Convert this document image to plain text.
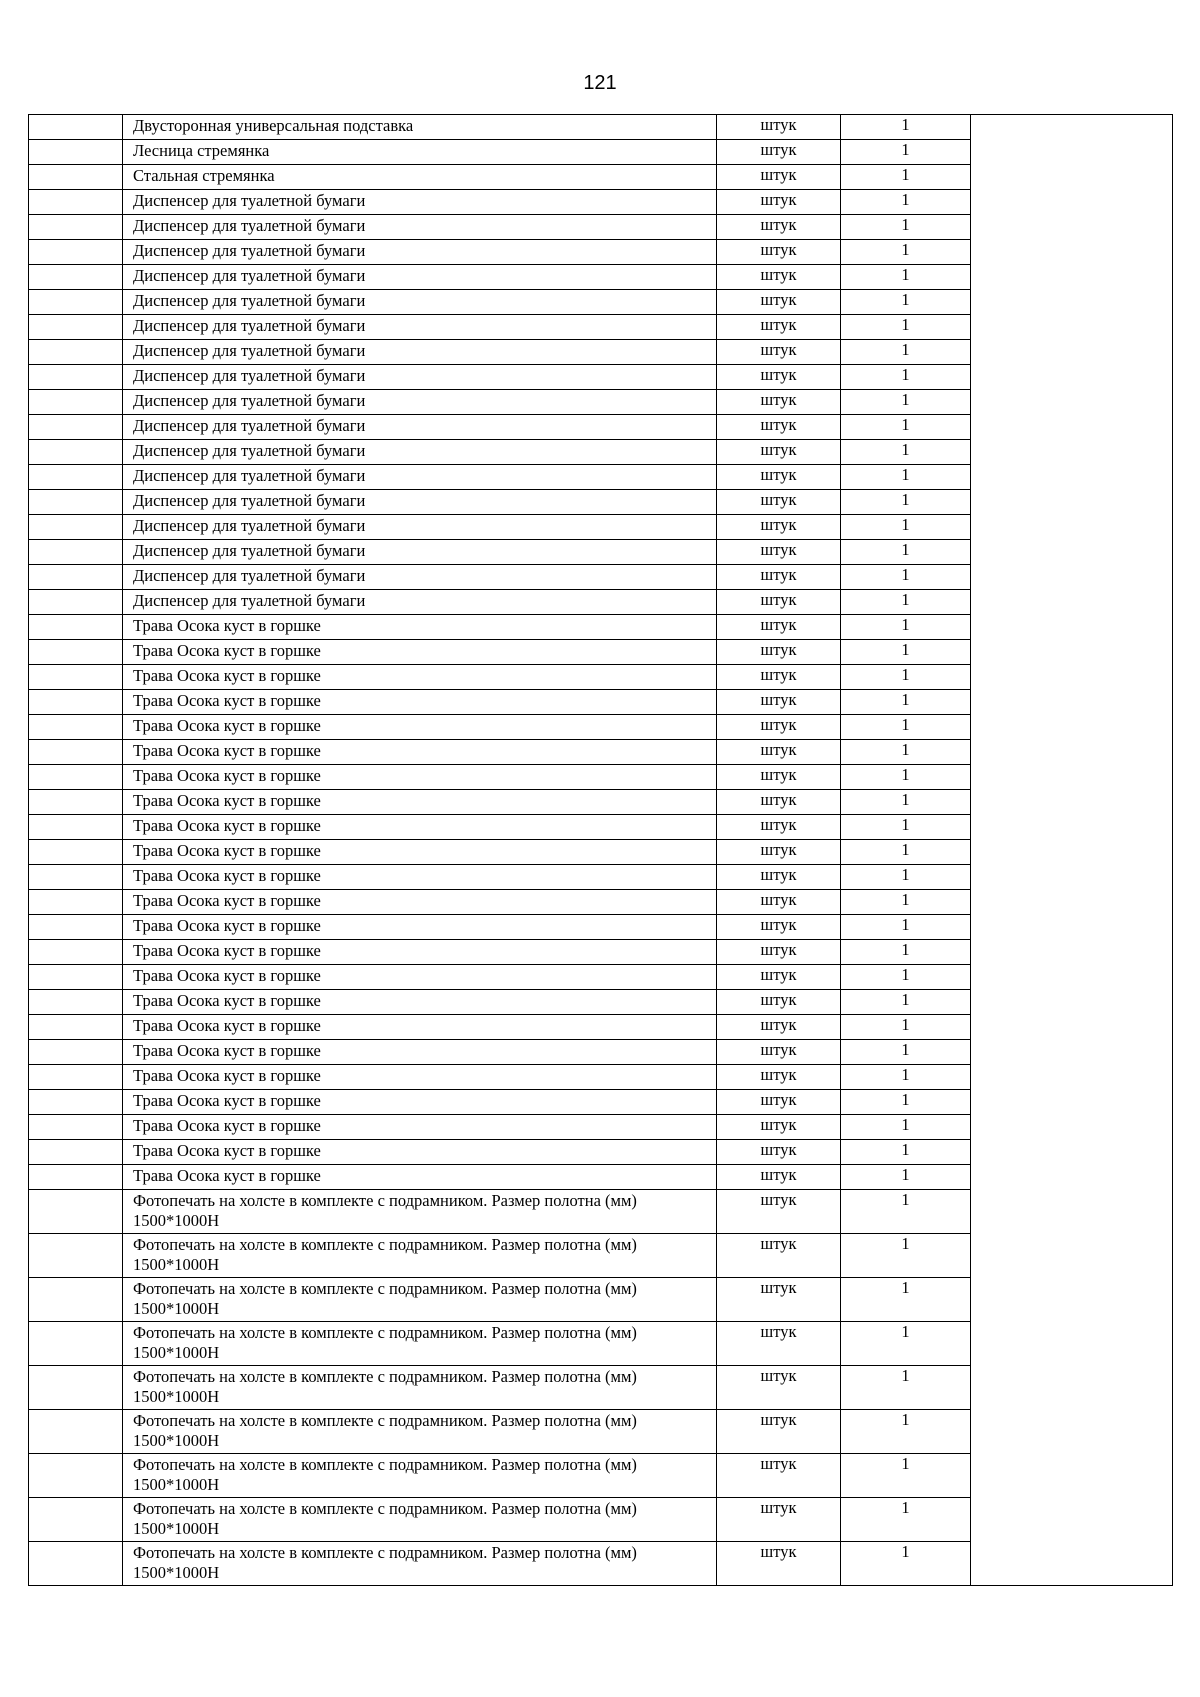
121

	Двусторонная универсальная подставка	штук	1	

	Лесница стремянка	штук	1	

	Стальная стремянка	штук	1	

	Диспенсер для туалетной бумаги	штук	1	

	Диспенсер для туалетной бумаги	штук	1	

	Диспенсер для туалетной бумаги	штук	1	

	Диспенсер для туалетной бумаги	штук	1	

	Диспенсер для туалетной бумаги	штук	1	

	Диспенсер для туалетной бумаги	штук	1	

	Диспенсер для туалетной бумаги	штук	1	

	Диспенсер для туалетной бумаги	штук	1	

	Диспенсер для туалетной бумаги	штук	1	

	Диспенсер для туалетной бумаги	штук	1	

	Диспенсер для туалетной бумаги	штук	1	

	Диспенсер для туалетной бумаги	штук	1	

	Диспенсер для туалетной бумаги	штук	1	

	Диспенсер для туалетной бумаги	штук	1	

	Диспенсер для туалетной бумаги	штук	1	

	Диспенсер для туалетной бумаги	штук	1	

	Диспенсер для туалетной бумаги	штук	1	

	Трава Осока куст в горшке	штук	1	

	Трава Осока куст в горшке	штук	1	

	Трава Осока куст в горшке	штук	1	

	Трава Осока куст в горшке	штук	1	

	Трава Осока куст в горшке	штук	1	

	Трава Осока куст в горшке	штук	1	

	Трава Осока куст в горшке	штук	1	

	Трава Осока куст в горшке	штук	1	

	Трава Осока куст в горшке	штук	1	

	Трава Осока куст в горшке	штук	1	

	Трава Осока куст в горшке	штук	1	

	Трава Осока куст в горшке	штук	1	

	Трава Осока куст в горшке	штук	1	

	Трава Осока куст в горшке	штук	1	

	Трава Осока куст в горшке	штук	1	

	Трава Осока куст в горшке	штук	1	

	Трава Осока куст в горшке	штук	1	

	Трава Осока куст в горшке	штук	1	

	Трава Осока куст в горшке	штук	1	

	Трава Осока куст в горшке	штук	1	

	Трава Осока куст в горшке	штук	1	

	Трава Осока куст в горшке	штук	1	

	Трава Осока куст в горшке	штук	1	

	Фотопечать на холсте в комплекте с подрамником. Размер полотна (мм)
1500*1000Н	штук	1	

	Фотопечать на холсте в комплекте с подрамником. Размер полотна (мм)
1500*1000Н	штук	1	

	Фотопечать на холсте в комплекте с подрамником. Размер полотна (мм)
1500*1000Н	штук	1	

	Фотопечать на холсте в комплекте с подрамником. Размер полотна (мм)
1500*1000Н	штук	1	

	Фотопечать на холсте в комплекте с подрамником. Размер полотна (мм)
1500*1000Н	штук	1	

	Фотопечать на холсте в комплекте с подрамником. Размер полотна (мм)
1500*1000Н	штук	1	

	Фотопечать на холсте в комплекте с подрамником. Размер полотна (мм)
1500*1000Н	штук	1	

	Фотопечать на холсте в комплекте с подрамником. Размер полотна (мм)
1500*1000Н	штук	1	

	Фотопечать на холсте в комплекте с подрамником. Размер полотна (мм)
1500*1000Н	штук	1	
